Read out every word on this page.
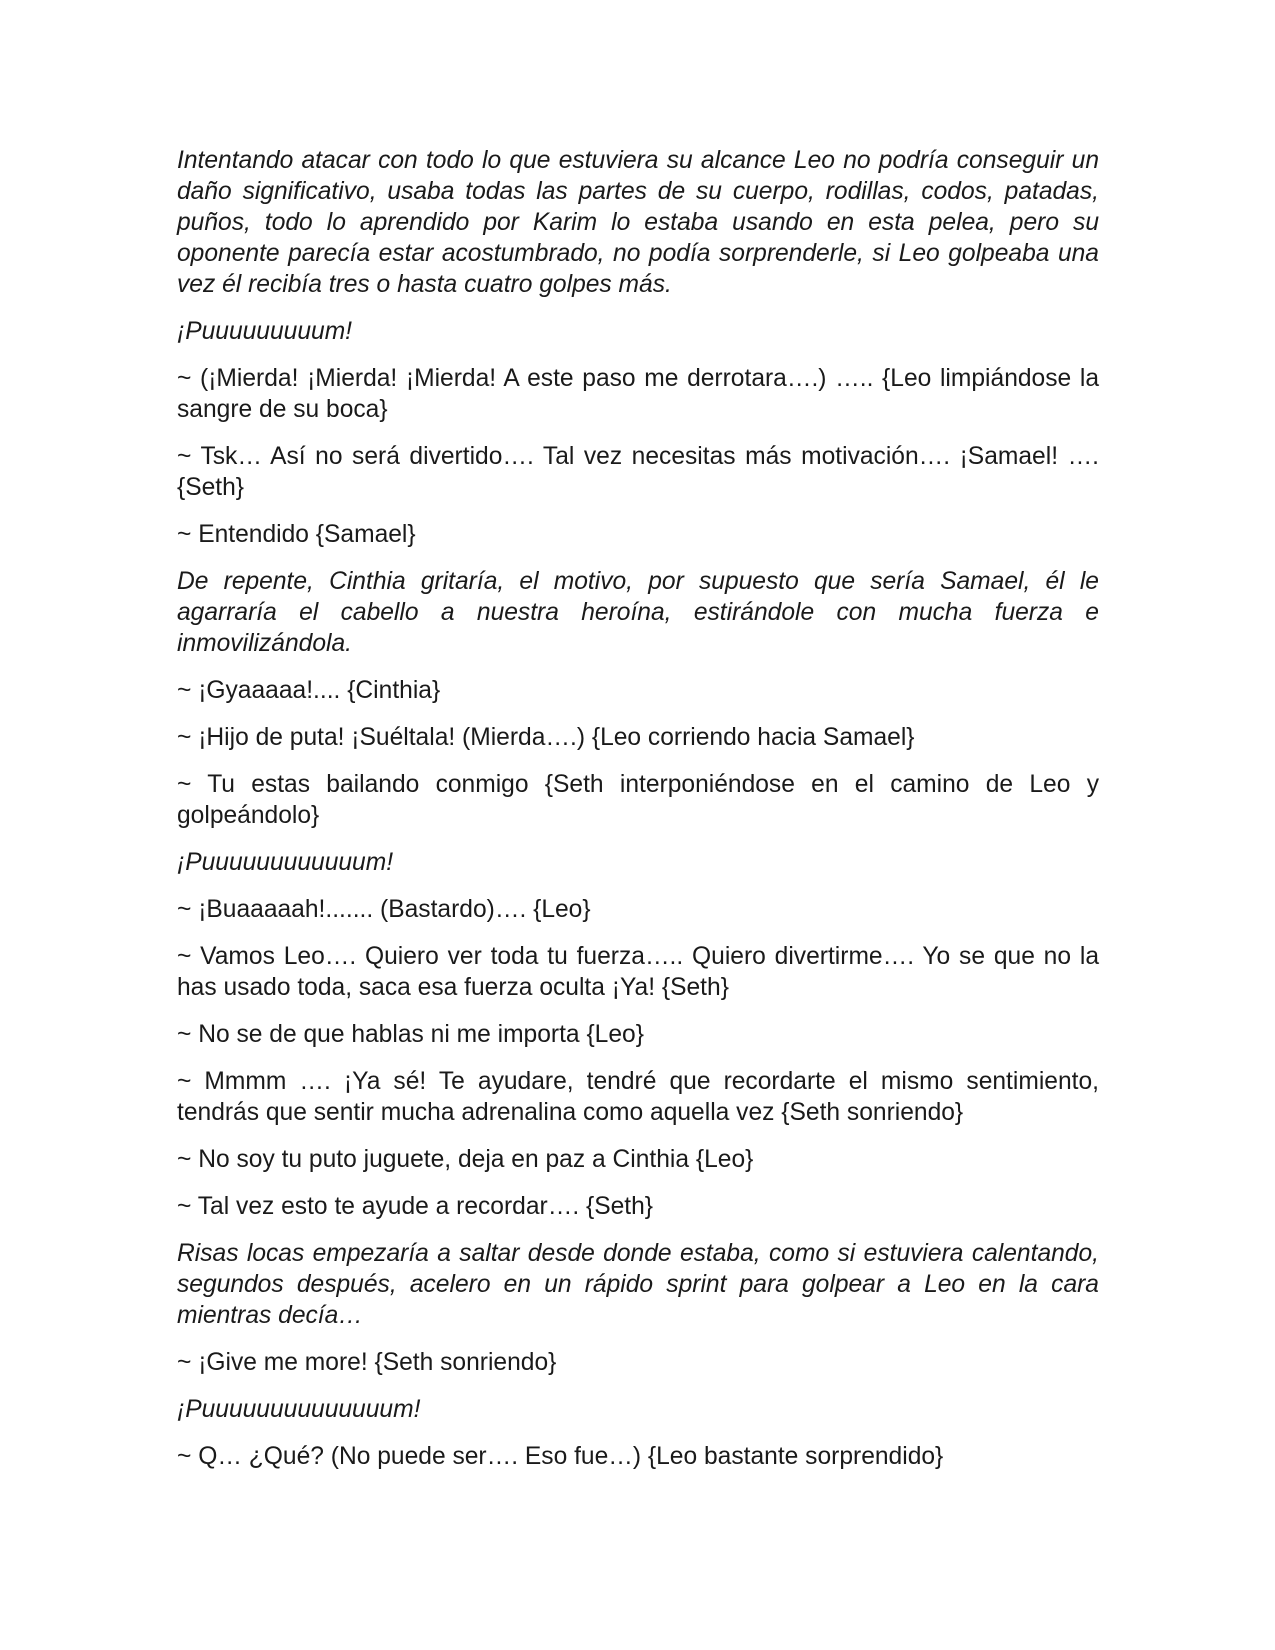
Intentando atacar con todo lo que estuviera su alcance Leo no podría conseguir un daño significativo, usaba todas las partes de su cuerpo, rodillas, codos, patadas, puños, todo lo aprendido por Karim lo estaba usando en esta pelea, pero su oponente parecía estar acostumbrado, no podía sorprenderle, si Leo golpeaba una vez él recibía tres o hasta cuatro golpes más.

¡Puuuuuuuuum!

~ (¡Mierda! ¡Mierda! ¡Mierda! A este paso me derrotara….) ….. {Leo limpiándose la sangre de su boca}

~ Tsk… Así no será divertido…. Tal vez necesitas más motivación…. ¡Samael! …. {Seth}

~ Entendido {Samael}

De repente, Cinthia gritaría, el motivo, por supuesto que sería Samael, él le agarraría el cabello a nuestra heroína, estirándole con mucha fuerza e inmovilizándola.

~ ¡Gyaaaaa!.... {Cinthia}

~ ¡Hijo de puta! ¡Suéltala! (Mierda….) {Leo corriendo hacia Samael}

~ Tu estas bailando conmigo {Seth interponiéndose en el camino de Leo y golpeándolo}

¡Puuuuuuuuuuuum!

~ ¡Buaaaaah!....... (Bastardo)…. {Leo}

~ Vamos Leo…. Quiero ver toda tu fuerza….. Quiero divertirme…. Yo se que no la has usado toda, saca esa fuerza oculta ¡Ya! {Seth}

~ No se de que hablas ni me importa {Leo}

~ Mmmm …. ¡Ya sé! Te ayudare, tendré que recordarte el mismo sentimiento, tendrás que sentir mucha adrenalina como aquella vez {Seth sonriendo}

~ No soy tu puto juguete, deja en paz a Cinthia {Leo}

~ Tal vez esto te ayude a recordar…. {Seth}

Risas locas empezaría a saltar desde donde estaba, como si estuviera calentando, segundos después, acelero en un rápido sprint para golpear a Leo en la cara mientras decía…

~ ¡Give me more! {Seth sonriendo}

¡Puuuuuuuuuuuuuum!

~ Q… ¿Qué? (No puede ser…. Eso fue…) {Leo bastante sorprendido}
